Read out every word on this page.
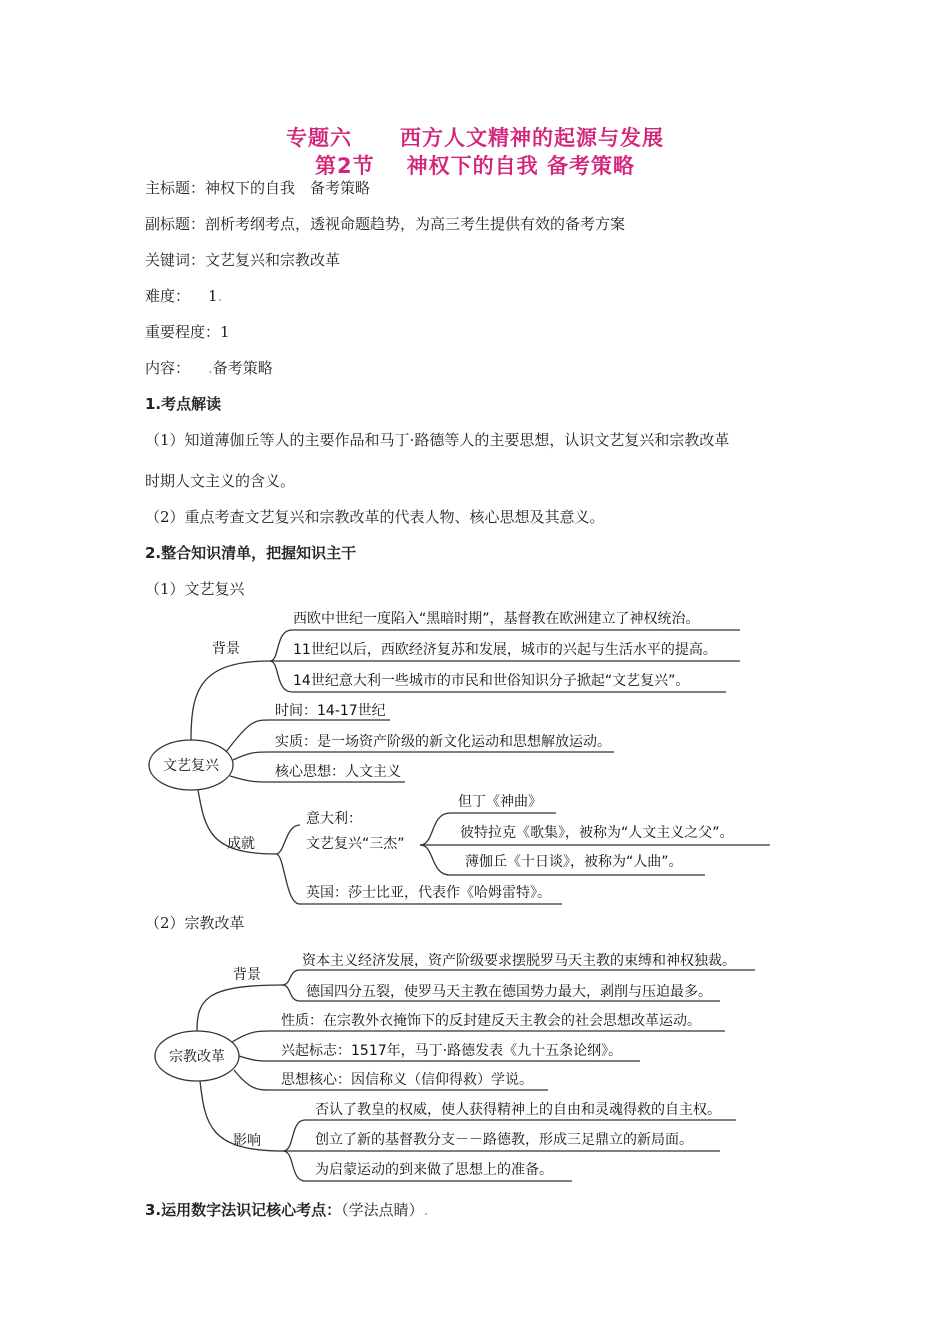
专题六 西方人文精神的起源与发展
第2节 神权下的自我 备考策略
主标题：神权下的自我　备考策略
副标题：剖析考纲考点，透视命题趋势，为高三考生提供有效的备考方案
关键词：文艺复兴和宗教改革
难度： 1.
重要程度：1
内容： .备考策略
1.考点解读
（1）知道薄伽丘等人的主要作品和马丁·路德等人的主要思想，认识文艺复兴和宗教改革
时期人文主义的含义。
（2）重点考查文艺复兴和宗教改革的代表人物、核心思想及其意义。
2.整合知识清单，把握知识主干
（1）文艺复兴
文艺复兴
背景
西欧中世纪一度陷入“黑暗时期”，基督教在欧洲建立了神权统治。
11世纪以后，西欧经济复苏和发展，城市的兴起与生活水平的提高。
14世纪意大利一些城市的市民和世俗知识分子掀起“文艺复兴”。
时间：14-17世纪
实质：是一场资产阶级的新文化运动和思想解放运动。
核心思想：人文主义
成就
意大利：
文艺复兴“三杰”
但丁《神曲》
彼特拉克《歌集》，被称为“人文主义之父”。
薄伽丘《十日谈》，被称为“人曲”。
英国：莎士比亚，代表作《哈姆雷特》。
（2）宗教改革
宗教改革
背景
资本主义经济发展，资产阶级要求摆脱罗马天主教的束缚和神权独裁。
德国四分五裂，使罗马天主教在德国势力最大，剥削与压迫最多。
性质：在宗教外衣掩饰下的反封建反天主教会的社会思想改革运动。
兴起标志：1517年，马丁·路德发表《九十五条论纲》。
思想核心：因信称义（信仰得救）学说。
影响
否认了教皇的权威，使人获得精神上的自由和灵魂得救的自主权。
创立了新的基督教分支－－路德教，形成三足鼎立的新局面。
为启蒙运动的到来做了思想上的准备。
3.运用数字法识记核心考点：（学法点睛）.
